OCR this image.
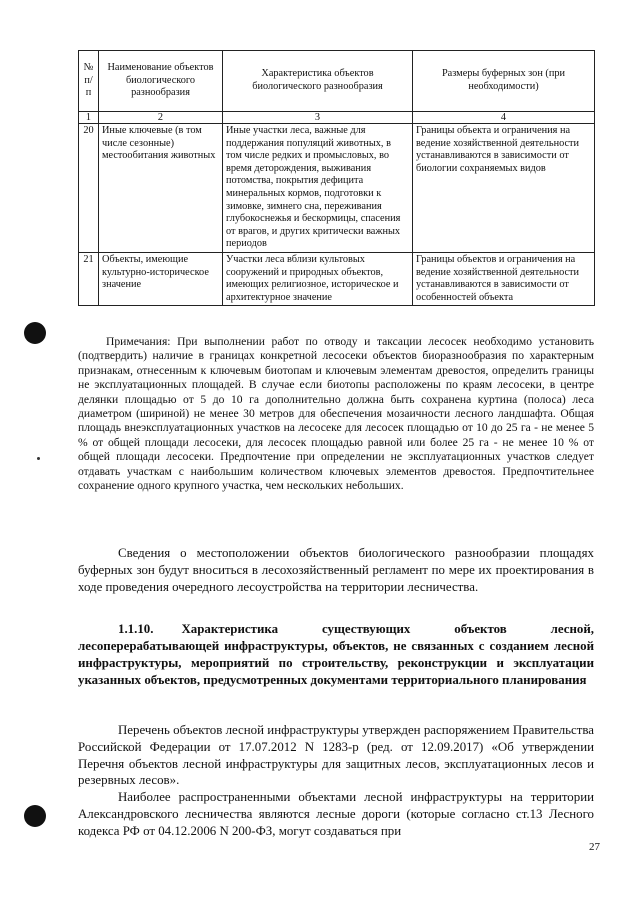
№ п/п	Наименование объектов биологического разнообразия	Характеристика объектов биологического разнообразия	Размеры буферных зон (при необходимости)
1	2	3	4
20	Иные ключевые (в том числе сезонные) местообитания животных	Иные участки леса, важные для поддержания популяций животных, в том числе редких и промысловых, во время деторождения, выживания потомства, покрытия дефицита минеральных кормов, подготовки к зимовке, зимнего сна, переживания глубокоснежья и бескормицы, спасения от врагов, и других критически важных периодов	Границы объекта и ограничения на ведение хозяйственной деятельности устанавливаются в зависимости от биологии сохраняемых видов
21	Объекты, имеющие культурно-историческое значение	Участки леса вблизи культовых сооружений и природных объектов, имеющих религиозное, историческое и архитектурное значение	Границы объектов и ограничения на ведение хозяйственной деятельности устанавливаются в зависимости от особенностей объекта

Примечания: При выполнении работ по отводу и таксации лесосек необходимо установить (подтвердить) наличие в границах конкретной лесосеки объектов биоразнообразия по характерным признакам, отнесенным к ключевым биотопам и ключевым элементам древостоя, определить границы не эксплуатационных площадей. В случае если биотопы расположены по краям лесосеки, в центре делянки площадью от 5 до 10 га дополнительно должна быть сохранена куртина (полоса) леса диаметром (шириной) не менее 30 метров для обеспечения мозаичности лесного ландшафта. Общая площадь внеэксплуатационных участков на лесосеке для лесосек площадью от 10 до 25 га - не менее 5 % от общей площади лесосеки, для лесосек площадью равной или более 25 га - не менее 10 % от общей площади лесосеки. Предпочтение при определении не эксплуатационных участков следует отдавать участкам с наибольшим количеством ключевых элементов древостоя. Предпочтительнее сохранение одного крупного участка, чем нескольких небольших.

Сведения о местоположении объектов биологического разнообразии площадях буферных зон будут вноситься в лесохозяйственный регламент по мере их проектирования в ходе проведения очередного лесоустройства на территории лесничества.

1.1.10. Характеристика существующих объектов лесной, лесоперерабатывающей инфраструктуры, объектов, не связанных с созданием лесной инфраструктуры, мероприятий по строительству, реконструкции и эксплуатации указанных объектов, предусмотренных документами территориального планирования

Перечень объектов лесной инфраструктуры утвержден распоряжением Правительства Российской Федерации от 17.07.2012 N 1283-р (ред. от 12.09.2017) «Об утверждении Перечня объектов лесной инфраструктуры для защитных лесов, эксплуатационных лесов и резервных лесов».

Наиболее распространенными объектами лесной инфраструктуры на территории Александровского лесничества являются лесные дороги (которые согласно ст.13 Лесного кодекса РФ от 04.12.2006 N 200-ФЗ, могут создаваться при

27
